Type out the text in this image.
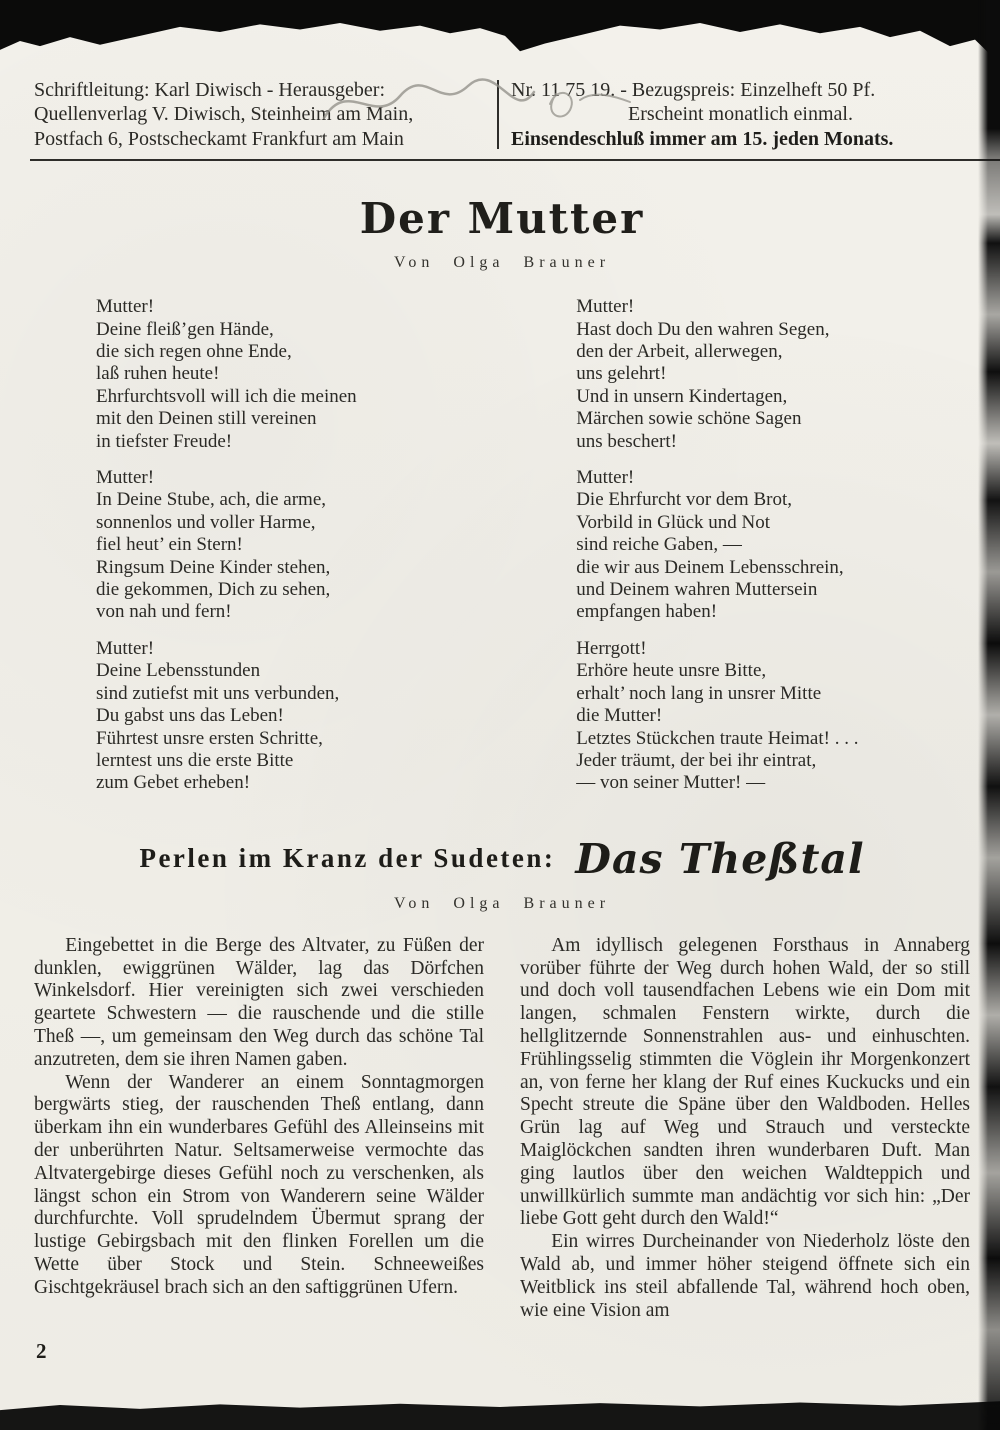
Schriftleitung: Karl Diwisch - Herausgeber:
Quellenverlag V. Diwisch, Steinheim am Main,
Postfach 6, Postscheckamt Frankfurt am Main
Nr. 11 75 19. - Bezugspreis: Einzelheft 50 Pf.
Erscheint monatlich einmal.
Einsendeschluß immer am 15. jeden Monats.
Der Mutter
Von Olga Brauner
Mutter!
Deine fleiß’gen Hände,
die sich regen ohne Ende,
laß ruhen heute!
Ehrfurchtsvoll will ich die meinen
mit den Deinen still vereinen
in tiefster Freude!
Mutter!
In Deine Stube, ach, die arme,
sonnenlos und voller Harme,
fiel heut’ ein Stern!
Ringsum Deine Kinder stehen,
die gekommen, Dich zu sehen,
von nah und fern!
Mutter!
Deine Lebensstunden
sind zutiefst mit uns verbunden,
Du gabst uns das Leben!
Führtest unsre ersten Schritte,
lerntest uns die erste Bitte
zum Gebet erheben!
Mutter!
Hast doch Du den wahren Segen,
den der Arbeit, allerwegen,
uns gelehrt!
Und in unsern Kindertagen,
Märchen sowie schöne Sagen
uns beschert!
Mutter!
Die Ehrfurcht vor dem Brot,
Vorbild in Glück und Not
sind reiche Gaben, —
die wir aus Deinem Lebensschrein,
und Deinem wahren Muttersein
empfangen haben!
Herrgott!
Erhöre heute unsre Bitte,
erhalt’ noch lang in unsrer Mitte
die Mutter!
Letztes Stückchen traute Heimat! . . .
Jeder träumt, der bei ihr eintrat,
— von seiner Mutter! —
Perlen im Kranz der Sudeten: Das Theßtal
Von Olga Brauner

Eingebettet in die Berge des Altvater, zu Füßen der dunklen, ewiggrünen Wälder, lag das Dörfchen Winkelsdorf. Hier vereinigten sich zwei verschieden geartete Schwestern — die rauschende und die stille Theß —, um gemeinsam den Weg durch das schöne Tal anzutreten, dem sie ihren Namen gaben.

Wenn der Wanderer an einem Sonntagmorgen bergwärts stieg, der rauschenden Theß entlang, dann überkam ihn ein wunderbares Gefühl des Alleinseins mit der unberührten Natur. Seltsamerweise vermochte das Altvatergebirge dieses Gefühl noch zu verschenken, als längst schon ein Strom von Wanderern seine Wälder durchfurchte. Voll sprudelndem Übermut sprang der lustige Gebirgsbach mit den flinken Forellen um die Wette über Stock und Stein. Schneeweißes Gischtgekräusel brach sich an den saftiggrünen Ufern.

Am idyllisch gelegenen Forsthaus in Annaberg vorüber führte der Weg durch hohen Wald, der so still und doch voll tausendfachen Lebens wie ein Dom mit langen, schmalen Fenstern wirkte, durch die hellglitzernde Sonnenstrahlen aus- und einhuschten. Frühlingsselig stimmten die Vöglein ihr Morgenkonzert an, von ferne her klang der Ruf eines Kuckucks und ein Specht streute die Späne über den Waldboden. Helles Grün lag auf Weg und Strauch und versteckte Maiglöckchen sandten ihren wunderbaren Duft. Man ging lautlos über den weichen Waldteppich und unwillkürlich summte man andächtig vor sich hin: „Der liebe Gott geht durch den Wald!“

Ein wirres Durcheinander von Niederholz löste den Wald ab, und immer höher steigend öffnete sich ein Weitblick ins steil abfallende Tal, während hoch oben, wie eine Vision am

2
